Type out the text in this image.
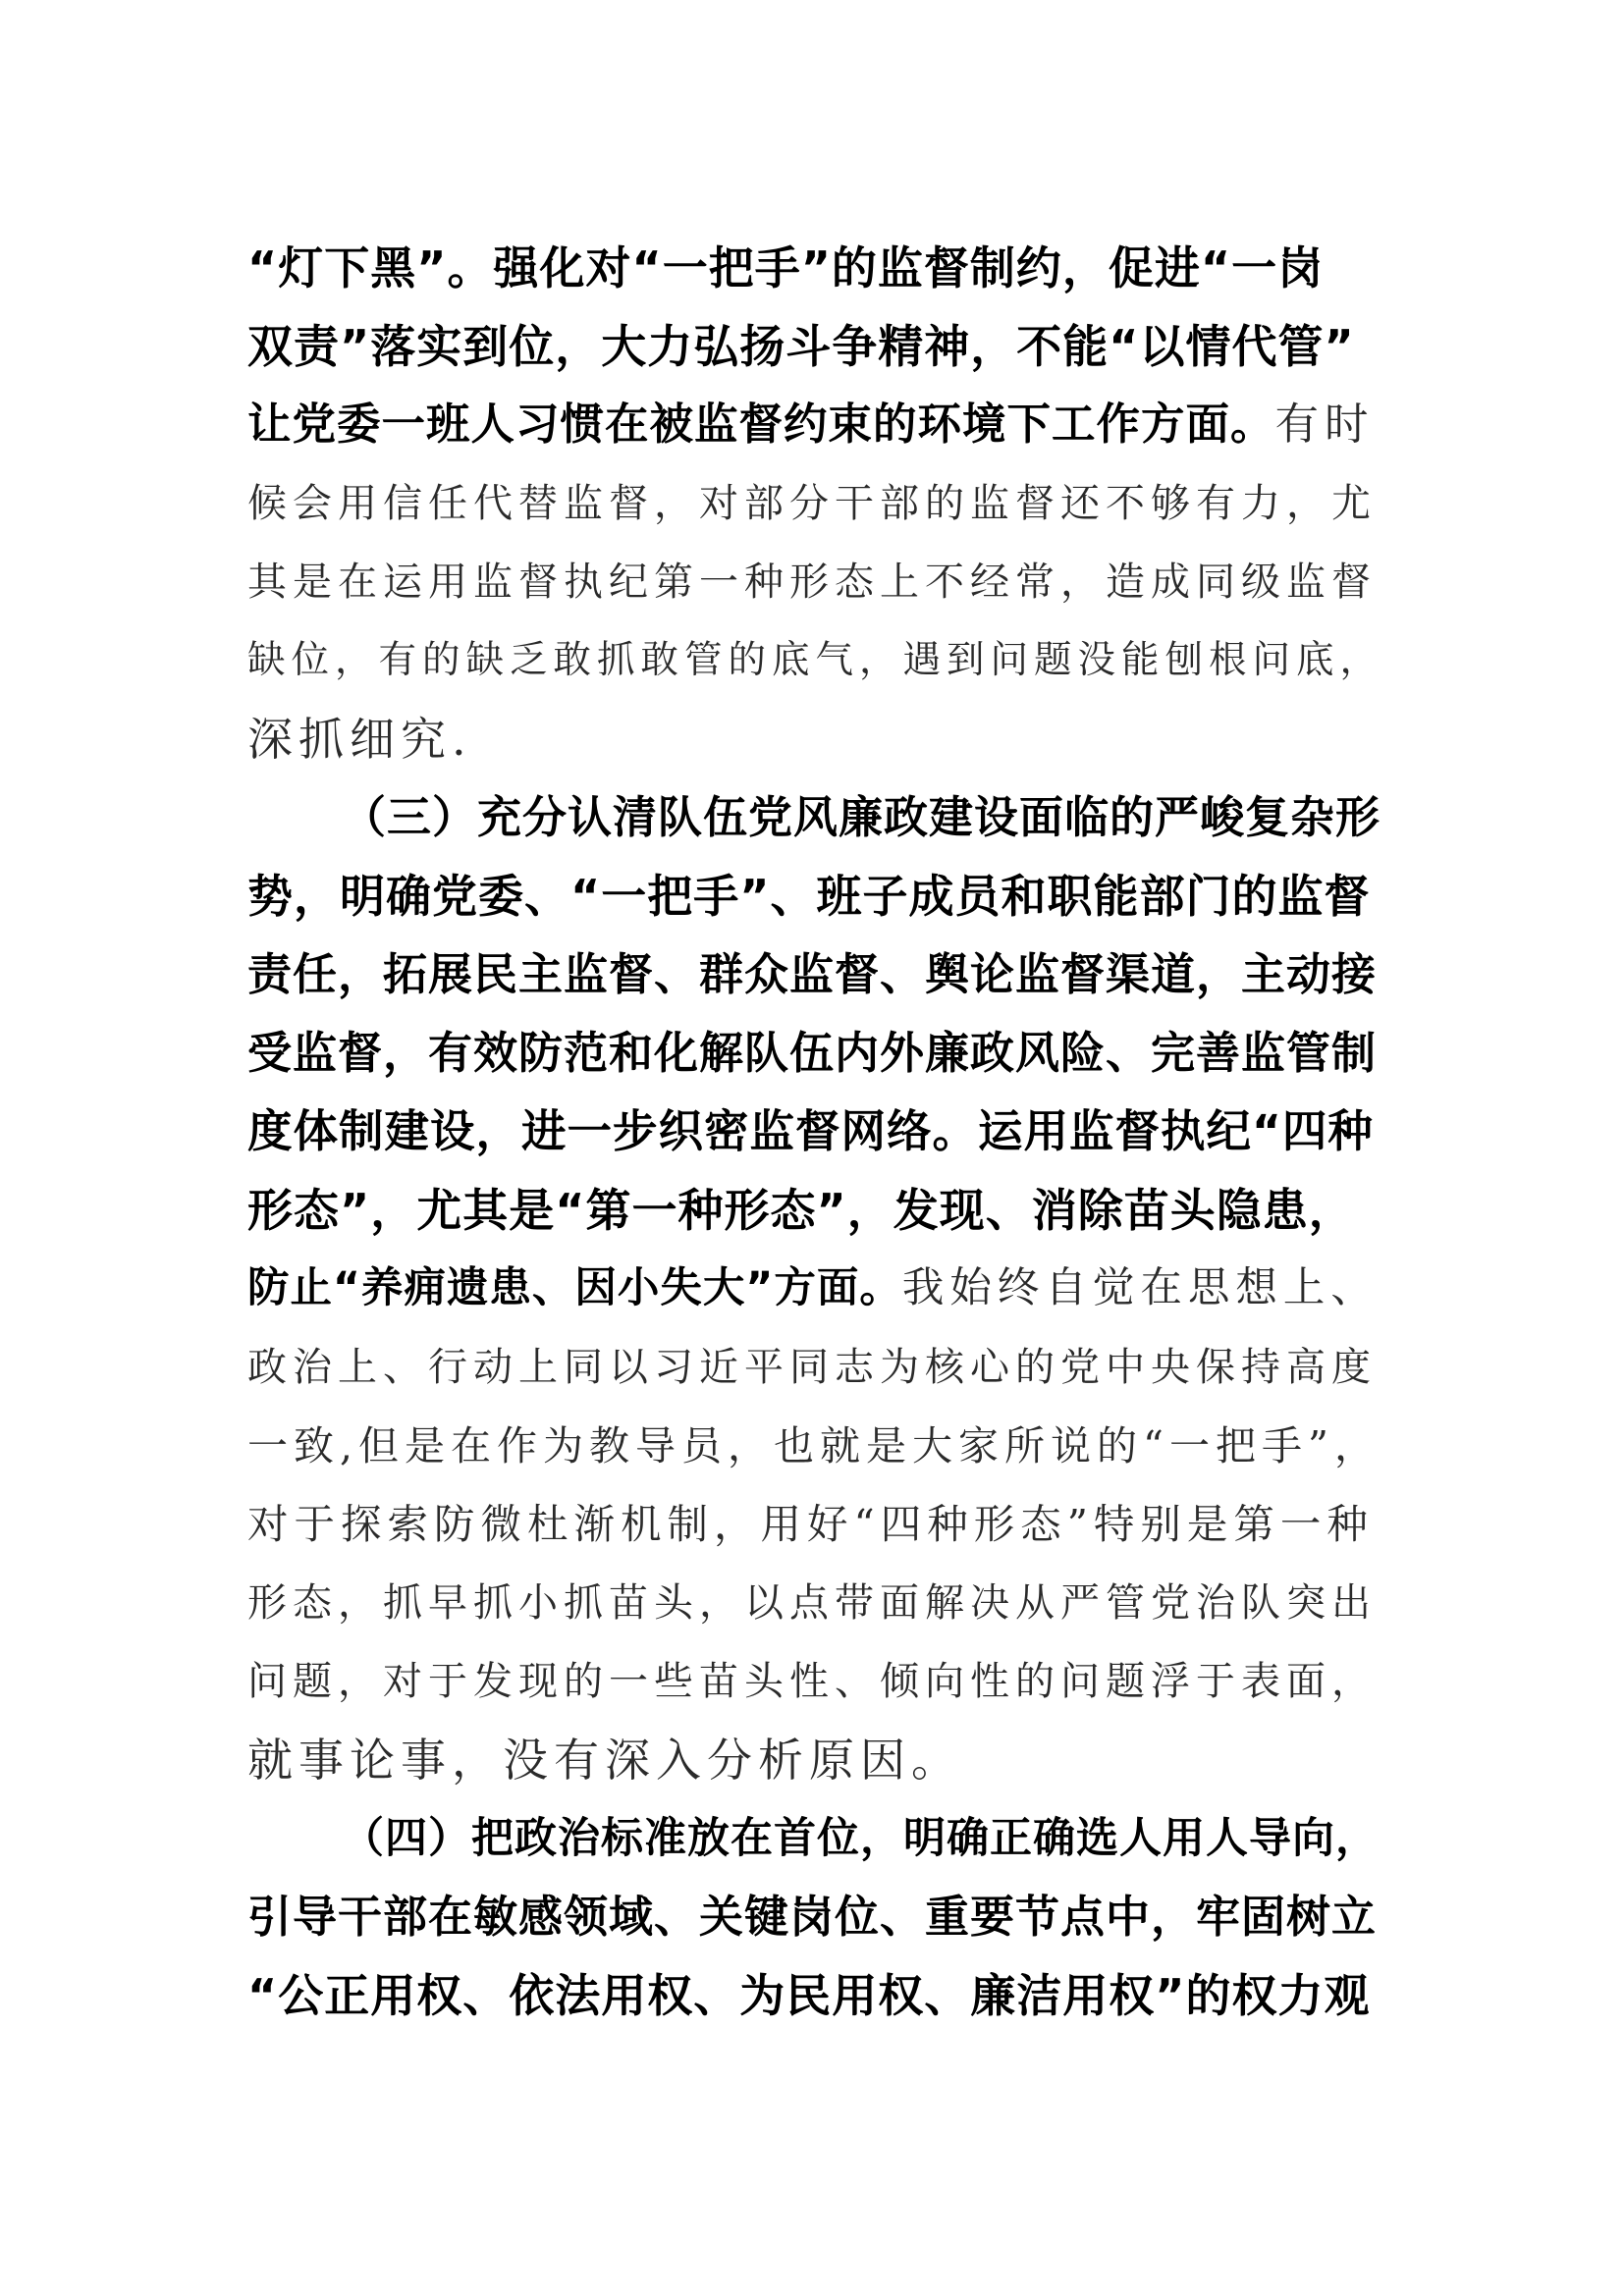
“灯下黑”。强化对“一把手”的监督制约，促进“一岗

双责”落实到位，大力弘扬斗争精神，不能“以情代管”

让党委一班人习惯在被监督约束的环境下工作方面。有时

候会用信任代替监督，对部分干部的监督还不够有力，尤

其是在运用监督执纪第一种形态上不经常，造成同级监督

缺位，有的缺乏敢抓敢管的底气，遇到问题没能刨根问底，

深抓细究.

（三）充分认清队伍党风廉政建设面临的严峻复杂形

势，明确党委、“一把手”、班子成员和职能部门的监督

责任，拓展民主监督、群众监督、舆论监督渠道，主动接

受监督，有效防范和化解队伍内外廉政风险、完善监管制

度体制建设，进一步织密监督网络。运用监督执纪“四种

形态”，尤其是“第一种形态”，发现、消除苗头隐患，

防止“养痈遗患、因小失大”方面。我始终自觉在思想上、

政治上、行动上同以习近平同志为核心的党中央保持高度

一致,但是在作为教导员，也就是大家所说的“一把手”，

对于探索防微杜渐机制，用好“四种形态”特别是第一种

形态，抓早抓小抓苗头，以点带面解决从严管党治队突出

问题，对于发现的一些苗头性、倾向性的问题浮于表面，

就事论事，没有深入分析原因。

（四）把政治标准放在首位，明确正确选人用人导向，

引导干部在敏感领域、关键岗位、重要节点中，牢固树立

“公正用权、依法用权、为民用权、廉洁用权”的权力观
